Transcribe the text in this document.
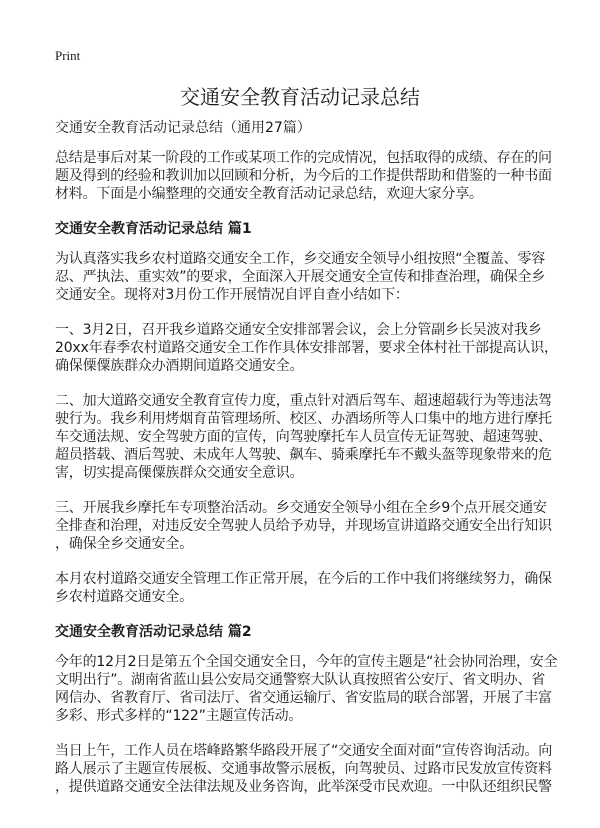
Print
交通安全教育活动记录总结
交通安全教育活动记录总结（通用27篇）
总结是事后对某一阶段的工作或某项工作的完成情况，包括取得的成绩、存在的问
题及得到的经验和教训加以回顾和分析，为今后的工作提供帮助和借鉴的一种书面
材料。下面是小编整理的交通安全教育活动记录总结，欢迎大家分享。
交通安全教育活动记录总结 篇1
为认真落实我乡农村道路交通安全工作，乡交通安全领导小组按照“全覆盖、零容
忍、严执法、重实效”的要求，全面深入开展交通安全宣传和排查治理，确保全乡
交通安全。现将对3月份工作开展情况自评自查小结如下：
一、3月2日，召开我乡道路交通安全安排部署会议，会上分管副乡长吴波对我乡
20xx年春季农村道路交通安全工作作具体安排部署，要求全体村社干部提高认识，
确保傈僳族群众办酒期间道路交通安全。
二、加大道路交通安全教育宣传力度，重点针对酒后驾车、超速超载行为等违法驾
驶行为。我乡利用烤烟育苗管理场所、校区、办酒场所等人口集中的地方进行摩托
车交通法规、安全驾驶方面的宣传，向驾驶摩托车人员宣传无证驾驶、超速驾驶、
超员搭载、酒后驾驶、未成年人驾驶、飙车、骑乘摩托车不戴头盔等现象带来的危
害，切实提高傈僳族群众交通安全意识。
三、开展我乡摩托车专项整治活动。乡交通安全领导小组在全乡9个点开展交通安
全排查和治理，对违反安全驾驶人员给予劝导，并现场宣讲道路交通安全出行知识
，确保全乡交通安全。
本月农村道路交通安全管理工作正常开展，在今后的工作中我们将继续努力，确保
乡农村道路交通安全。
交通安全教育活动记录总结 篇2
今年的12月2日是第五个全国交通安全日，今年的宣传主题是“社会协同治理，安全
文明出行”。湖南省蓝山县公安局交通警察大队认真按照省公安厅、省文明办、省
网信办、省教育厅、省司法厅、省交通运输厅、省安监局的联合部署，开展了丰富
多彩、形式多样的“122”主题宣传活动。
当日上午，工作人员在塔峰路繁华路段开展了“交通安全面对面”宣传咨询活动。向
路人展示了主题宣传展板、交通事故警示展板，向驾驶员、过路市民发放宣传资料
，提供道路交通安全法律法规及业务咨询，此举深受市民欢迎。一中队还组织民警
